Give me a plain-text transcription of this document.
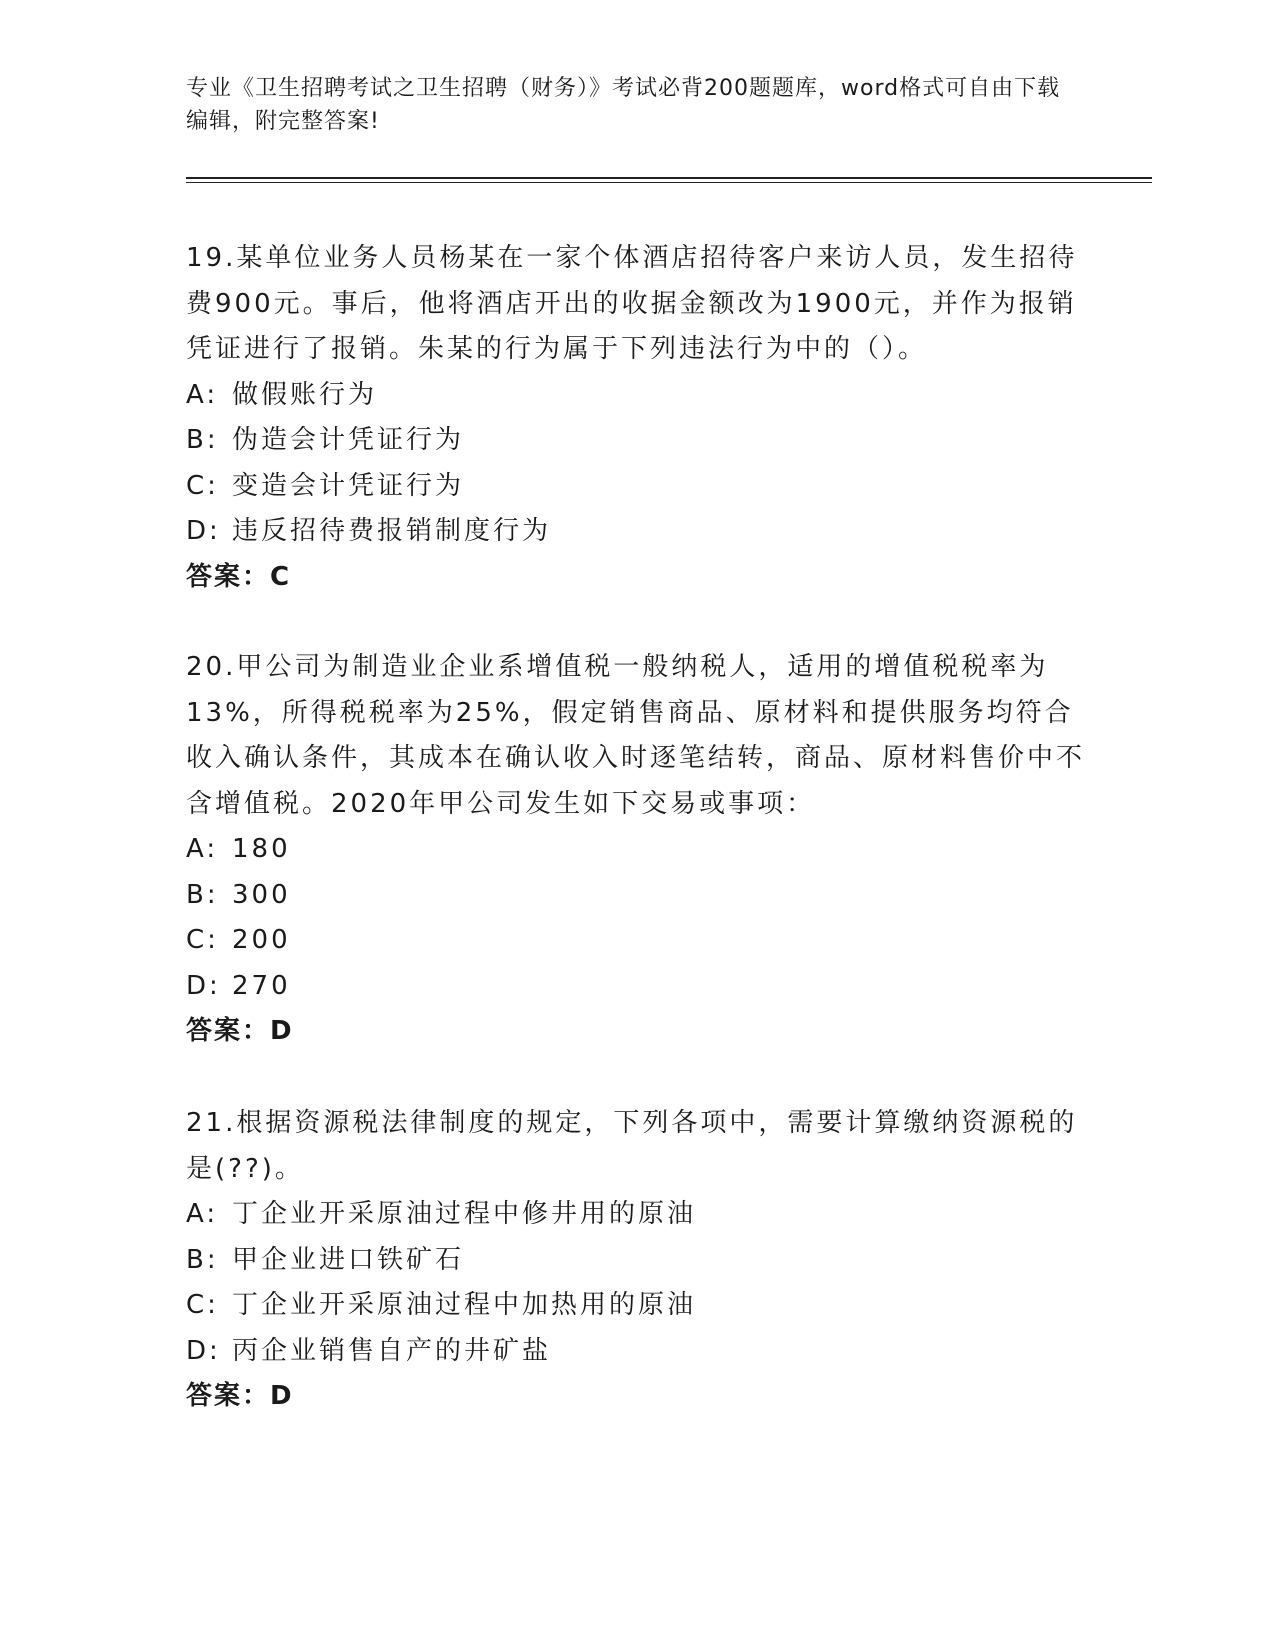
专业《卫生招聘考试之卫生招聘（财务）》考试必背200题题库，word格式可自由下载编辑，附完整答案!

19.某单位业务人员杨某在一家个体酒店招待客户来访人员，发生招待费900元。事后，他将酒店开出的收据金额改为1900元，并作为报销凭证进行了报销。朱某的行为属于下列违法行为中的（）。

A: 做假账行为

B: 伪造会计凭证行为

C: 变造会计凭证行为

D: 违反招待费报销制度行为

答案：C

20.甲公司为制造业企业系增值税一般纳税人，适用的增值税税率为13%，所得税税率为25%，假定销售商品、原材料和提供服务均符合收入确认条件，其成本在确认收入时逐笔结转，商品、原材料售价中不含增值税。2020年甲公司发生如下交易或事项：

A: 180

B: 300

C: 200

D: 270

答案：D

21.根据资源税法律制度的规定，下列各项中，需要计算缴纳资源税的是(??)。

A: 丁企业开采原油过程中修井用的原油

B: 甲企业进口铁矿石

C: 丁企业开采原油过程中加热用的原油

D: 丙企业销售自产的井矿盐

答案：D
